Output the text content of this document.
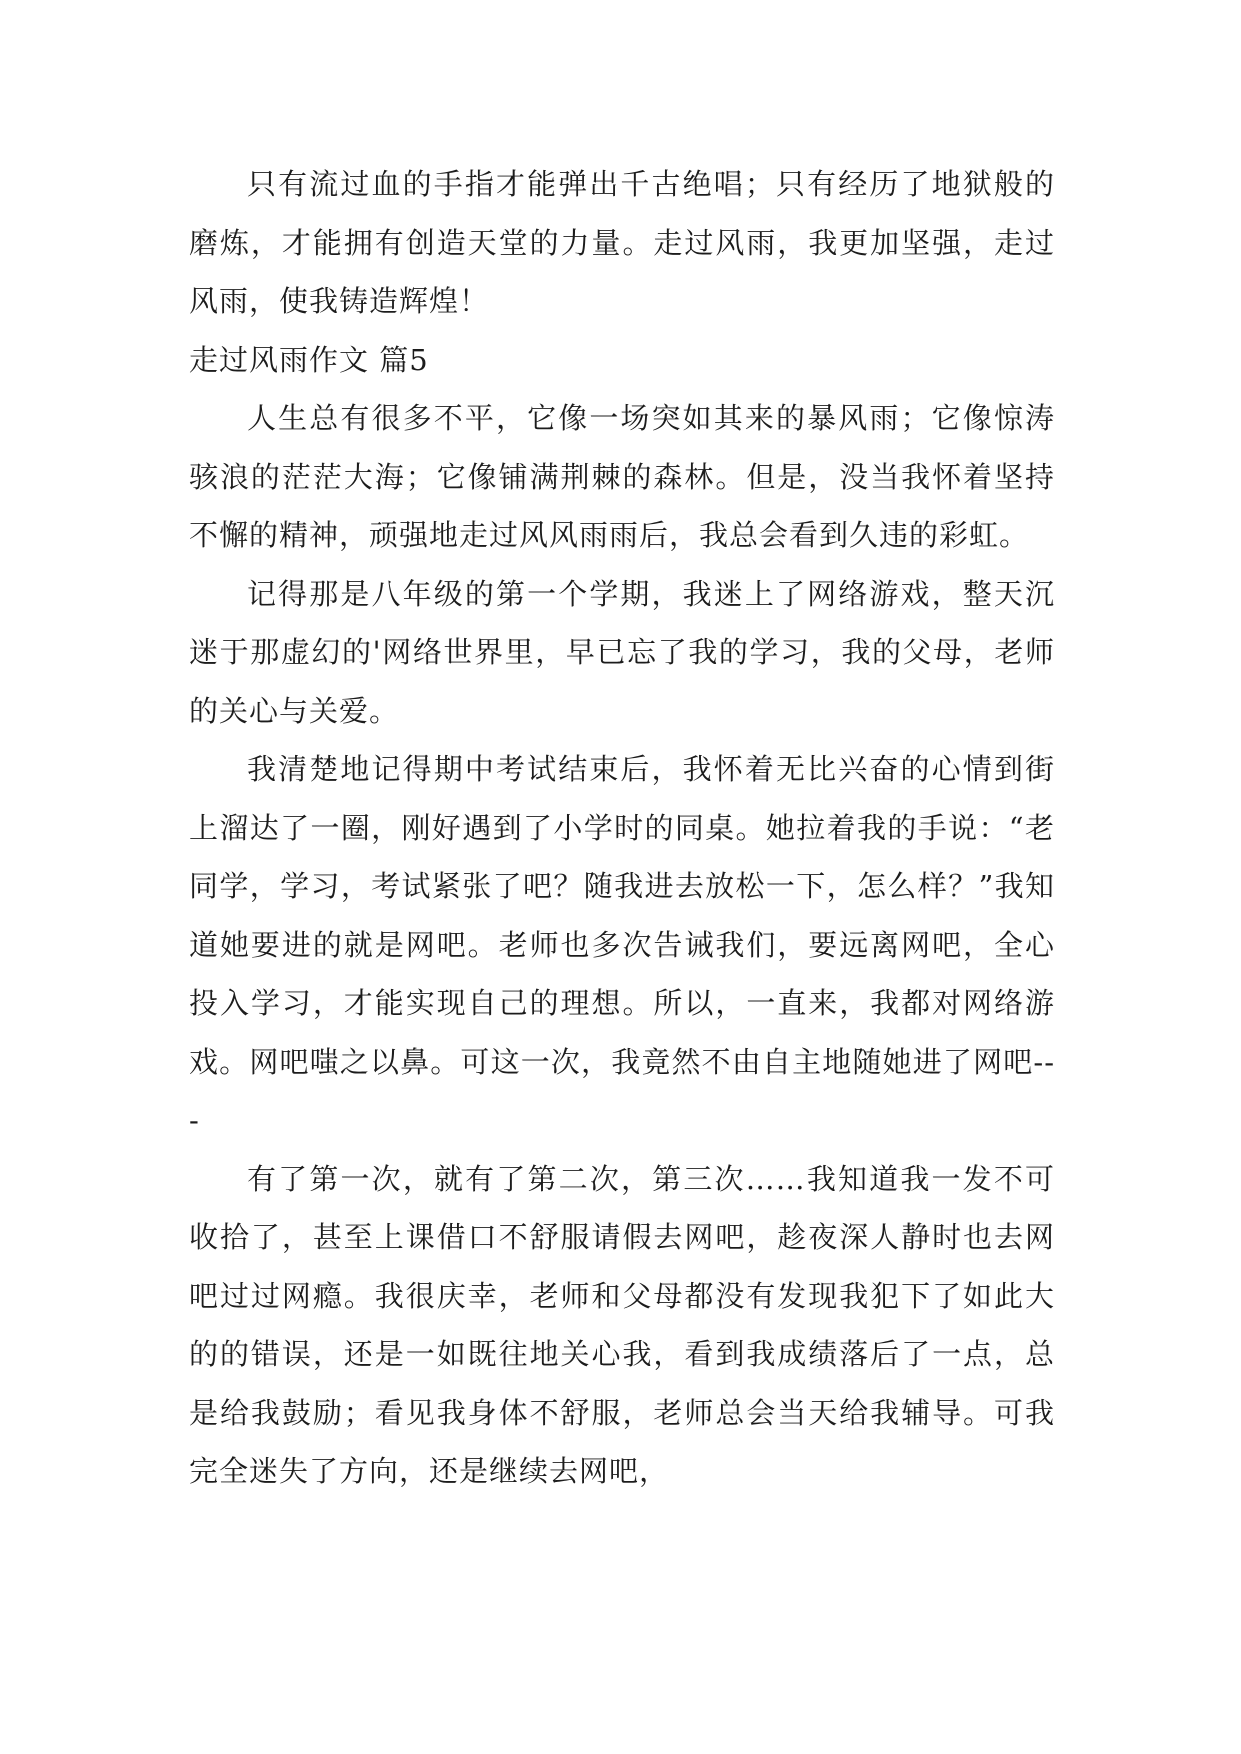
只有流过血的手指才能弹出千古绝唱；只有经历了地狱般的磨炼，才能拥有创造天堂的力量。走过风雨，我更加坚强，走过风雨，使我铸造辉煌！

走过风雨作文 篇5

人生总有很多不平，它像一场突如其来的暴风雨；它像惊涛骇浪的茫茫大海；它像铺满荆棘的森林。但是，没当我怀着坚持不懈的精神，顽强地走过风风雨雨后，我总会看到久违的彩虹。

记得那是八年级的第一个学期，我迷上了网络游戏，整天沉迷于那虚幻的'网络世界里，早已忘了我的学习，我的父母，老师的关心与关爱。

我清楚地记得期中考试结束后，我怀着无比兴奋的心情到街上溜达了一圈，刚好遇到了小学时的同桌。她拉着我的手说：“老同学，学习，考试紧张了吧？随我进去放松一下，怎么样？”我知道她要进的就是网吧。老师也多次告诫我们，要远离网吧，全心投入学习，才能实现自己的理想。所以，一直来，我都对网络游戏。网吧嗤之以鼻。可这一次，我竟然不由自主地随她进了网吧---

有了第一次，就有了第二次，第三次……我知道我一发不可收拾了，甚至上课借口不舒服请假去网吧，趁夜深人静时也去网吧过过网瘾。我很庆幸，老师和父母都没有发现我犯下了如此大的的错误，还是一如既往地关心我，看到我成绩落后了一点，总是给我鼓励；看见我身体不舒服，老师总会当天给我辅导。可我完全迷失了方向，还是继续去网吧，
